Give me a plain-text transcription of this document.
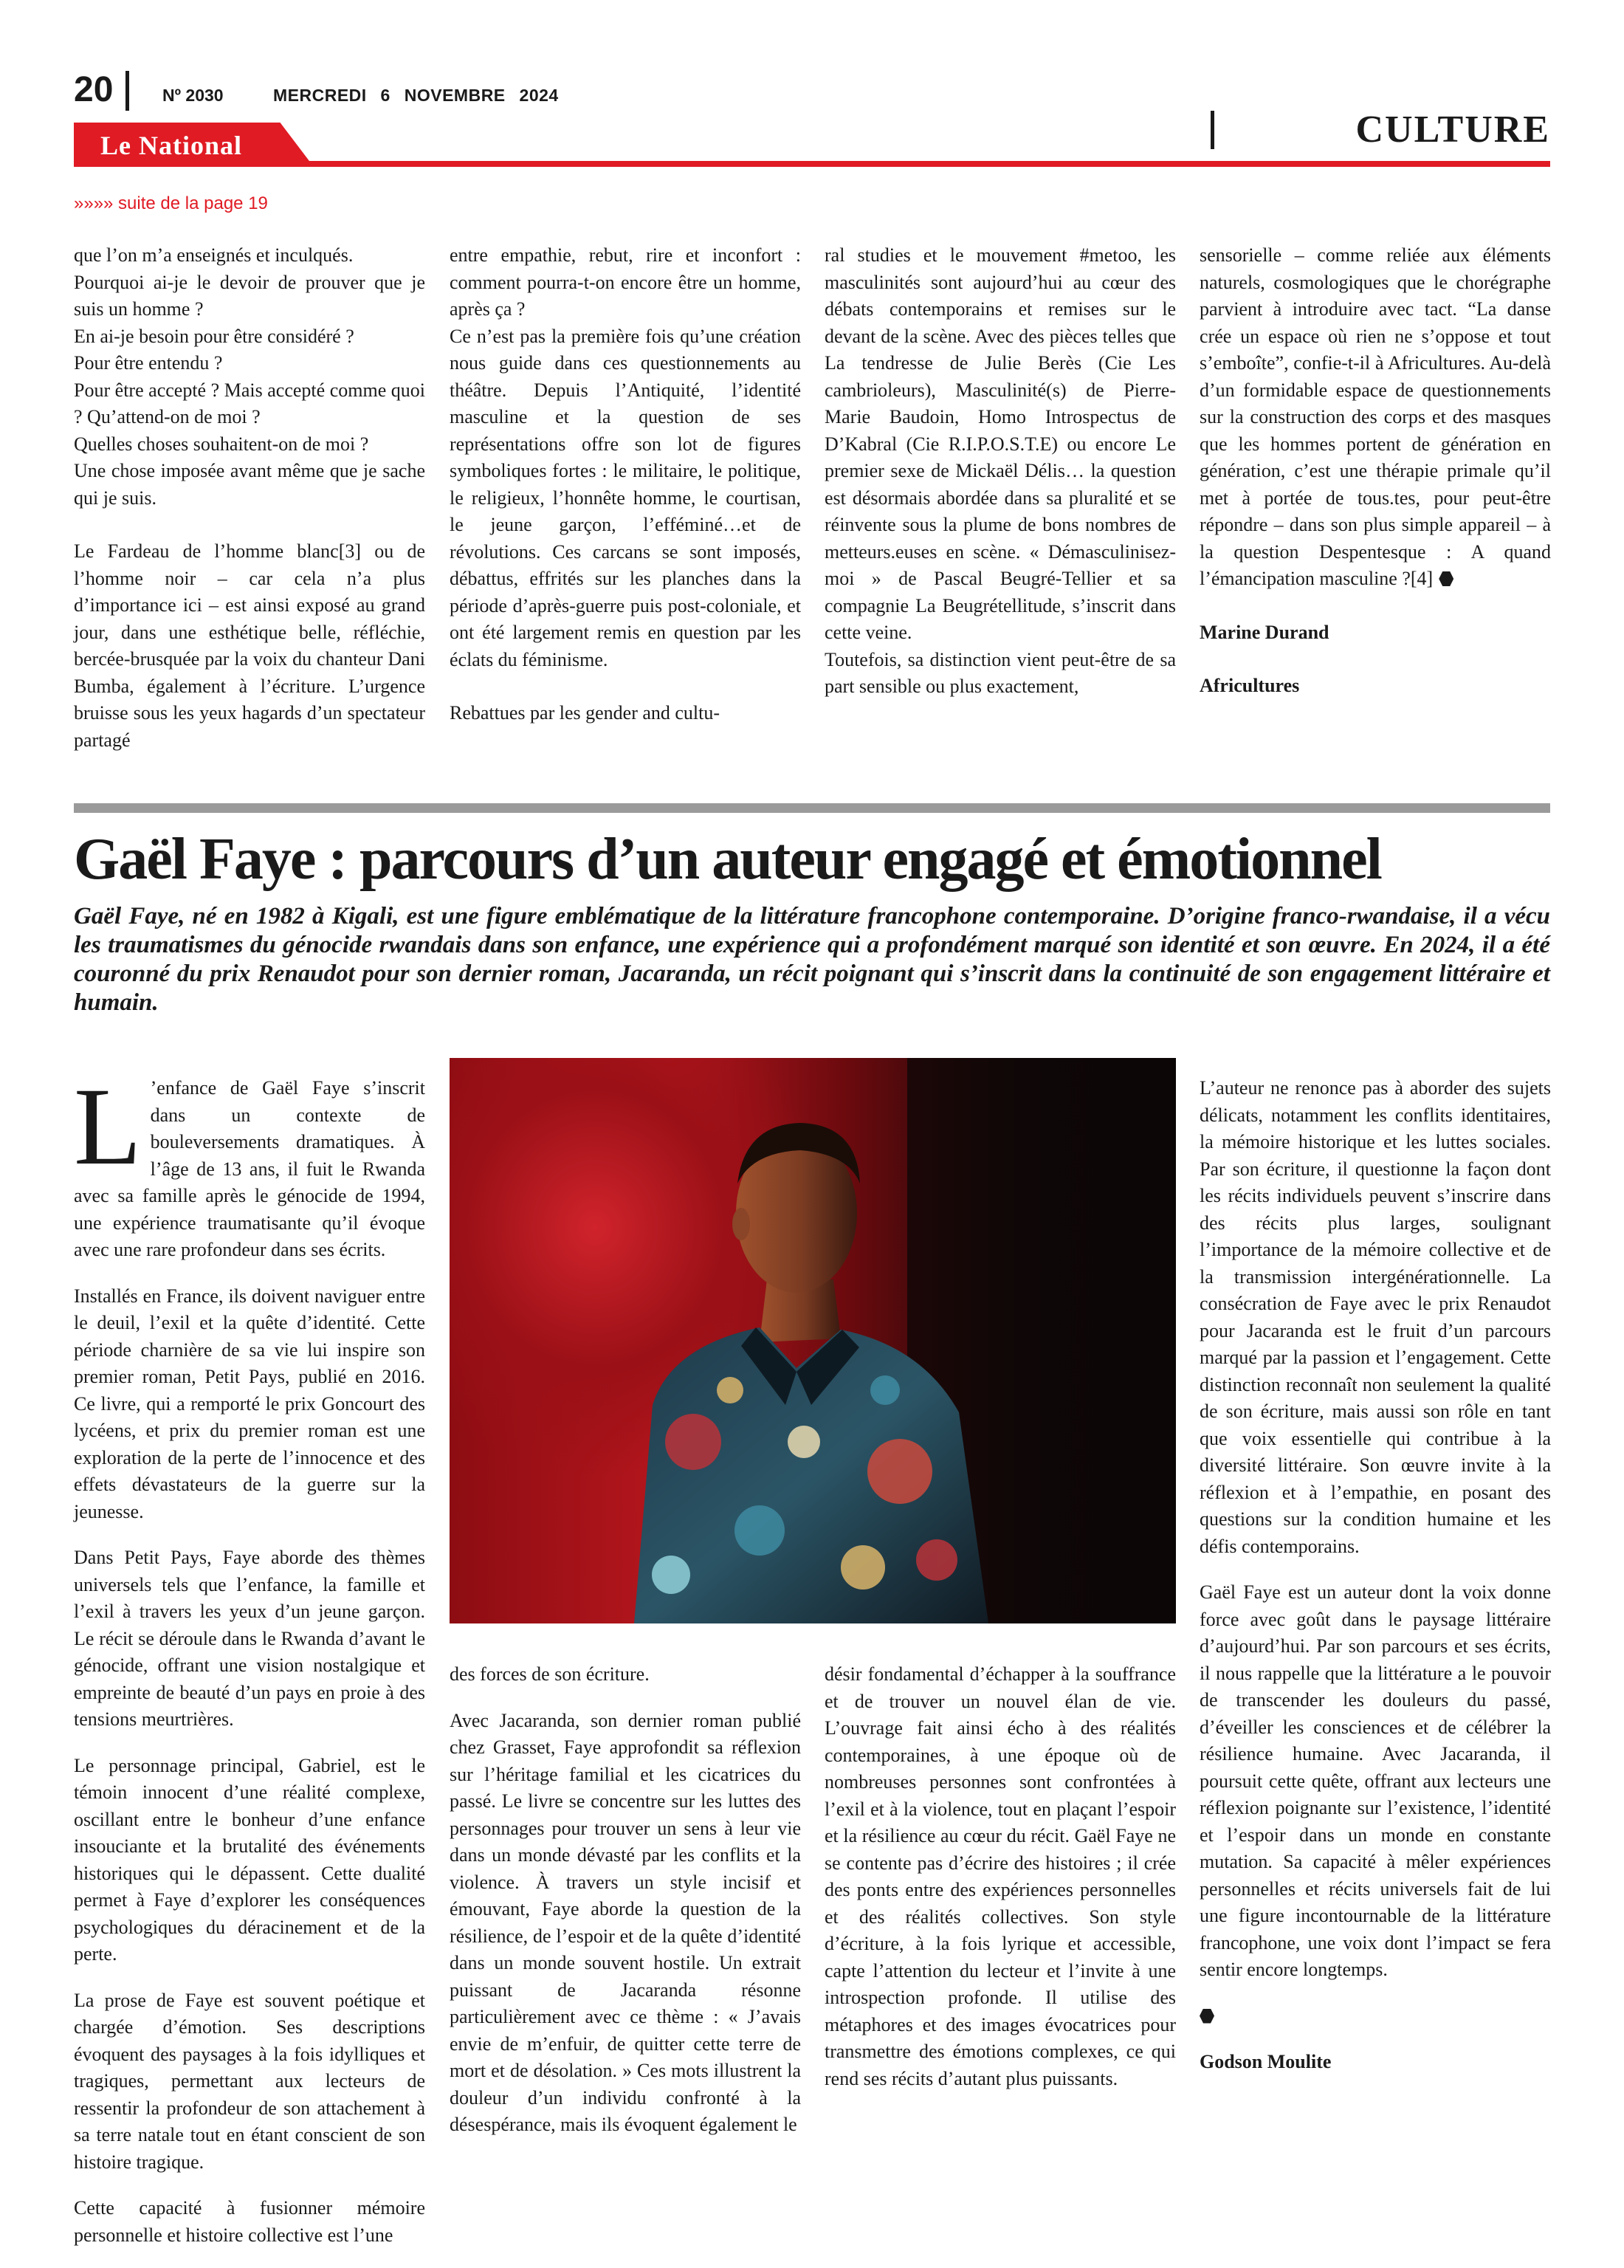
20	Nº 2030	MERCREDI 6 NOVEMBRE 2024
Le National	CULTURE
»»»» suite de la page 19

que l’on m’a enseignés et inculqués.

Pourquoi ai-je le devoir de prouver que je suis un homme ?

En ai-je besoin pour être considéré ?

Pour être entendu ?

Pour être accepté ? Mais accepté comme quoi ? Qu’attend-on de moi ?

Quelles choses souhaitent-on de moi ?

Une chose imposée avant même que je sache qui je suis.

Le Fardeau de l’homme blanc[3] ou de l’homme noir – car cela n’a plus d’importance ici – est ainsi exposé au grand jour, dans une esthétique belle, réfléchie, bercée-brusquée par la voix du chanteur Dani Bumba, également à l’écriture. L’urgence bruisse sous les yeux hagards d’un spectateur partagé

entre empathie, rebut, rire et inconfort : comment pourra-t-on encore être un homme, après ça ?

Ce n’est pas la première fois qu’une création nous guide dans ces questionnements au théâtre. Depuis l’Antiquité, l’identité masculine et la question de ses représentations offre son lot de figures symboliques fortes : le militaire, le politique, le religieux, l’honnête homme, le courtisan, le jeune garçon, l’efféminé…et de révolutions. Ces carcans se sont imposés, débattus, effrités sur les planches dans la période d’après-guerre puis post-coloniale, et ont été largement remis en question par les éclats du féminisme.

Rebattues par les gender and cultu-

ral studies et le mouvement #metoo, les masculinités sont aujourd’hui au cœur des débats contemporains et remises sur le devant de la scène. Avec des pièces telles que La tendresse de Julie Berès (Cie Les cambrioleurs), Masculinité(s) de Pierre-Marie Baudoin, Homo Introspectus de D’Kabral (Cie R.I.P.O.S.T.E) ou encore Le premier sexe de Mickaël Délis… la question est désormais abordée dans sa pluralité et se réinvente sous la plume de bons nombres de metteurs.euses en scène. « Démasculinisez-moi » de Pascal Beugré-Tellier et sa compagnie La Beugrétellitude, s’inscrit dans cette veine.

Toutefois, sa distinction vient peut-être de sa part sensible ou plus exactement,

sensorielle – comme reliée aux éléments naturels, cosmologiques que le chorégraphe parvient à introduire avec tact. “La danse crée un espace où rien ne s’oppose et tout s’emboîte”, confie-t-il à Africultures. Au-delà d’un formidable espace de questionnements sur la construction des corps et des masques que les hommes portent de génération en génération, c’est une thérapie primale qu’il met à portée de tous.tes, pour peut-être répondre – dans son plus simple appareil – à la question Despentesque : A quand l’émancipation masculine ?[4]

Marine Durand

Africultures

Gaël Faye : parcours d’un auteur engagé et émotionnel
Gaël Faye, né en 1982 à Kigali, est une figure emblématique de la littérature francophone contemporaine. D’origine franco-rwandaise, il a vécu les traumatismes du génocide rwandais dans son enfance, une expérience qui a profondément marqué son identité et son œuvre. En 2024, il a été couronné du prix Renaudot pour son dernier roman, Jacaranda, un récit poignant qui s’inscrit dans la continuité de son engagement littéraire et humain.

L ’enfance de Gaël Faye s’inscrit dans un contexte de bouleversements dramatiques. À l’âge de 13 ans, il fuit le Rwanda avec sa famille après le génocide de 1994, une expérience traumatisante qu’il évoque avec une rare profondeur dans ses écrits.

Installés en France, ils doivent naviguer entre le deuil, l’exil et la quête d’identité. Cette période charnière de sa vie lui inspire son premier roman, Petit Pays, publié en 2016. Ce livre, qui a remporté le prix Goncourt des lycéens, et prix du premier roman est une exploration de la perte de l’innocence et des effets dévastateurs de la guerre sur la jeunesse.

Dans Petit Pays, Faye aborde des thèmes universels tels que l’enfance, la famille et l’exil à travers les yeux d’un jeune garçon. Le récit se déroule dans le Rwanda d’avant le génocide, offrant une vision nostalgique et empreinte de beauté d’un pays en proie à des tensions meurtrières.

Le personnage principal, Gabriel, est le témoin innocent d’une réalité complexe, oscillant entre le bonheur d’une enfance insouciante et la brutalité des événements historiques qui le dépassent. Cette dualité permet à Faye d’explorer les conséquences psychologiques du déracinement et de la perte.

La prose de Faye est souvent poétique et chargée d’émotion. Ses descriptions évoquent des paysages à la fois idylliques et tragiques, permettant aux lecteurs de ressentir la profondeur de son attachement à sa terre natale tout en étant conscient de son histoire tragique.

Cette capacité à fusionner mémoire personnelle et histoire collective est l’une

des forces de son écriture.

Avec Jacaranda, son dernier roman publié chez Grasset, Faye approfondit sa réflexion sur l’héritage familial et les cicatrices du passé. Le livre se concentre sur les luttes des personnages pour trouver un sens à leur vie dans un monde dévasté par les conflits et la violence. À travers un style incisif et émouvant, Faye aborde la question de la résilience, de l’espoir et de la quête d’identité dans un monde souvent hostile. Un extrait puissant de Jacaranda résonne particulièrement avec ce thème : « J’avais envie de m’enfuir, de quitter cette terre de mort et de désolation. » Ces mots illustrent la douleur d’un individu confronté à la désespérance, mais ils évoquent également le

désir fondamental d’échapper à la souffrance et de trouver un nouvel élan de vie. L’ouvrage fait ainsi écho à des réalités contemporaines, à une époque où de nombreuses personnes sont confrontées à l’exil et à la violence, tout en plaçant l’espoir et la résilience au cœur du récit. Gaël Faye ne se contente pas d’écrire des histoires ; il crée des ponts entre des expériences personnelles et des réalités collectives. Son style d’écriture, à la fois lyrique et accessible, capte l’attention du lecteur et l’invite à une introspection profonde. Il utilise des métaphores et des images évocatrices pour transmettre des émotions complexes, ce qui rend ses récits d’autant plus puissants.

L’auteur ne renonce pas à aborder des sujets délicats, notamment les conflits identitaires, la mémoire historique et les luttes sociales. Par son écriture, il questionne la façon dont les récits individuels peuvent s’inscrire dans des récits plus larges, soulignant l’importance de la mémoire collective et de la transmission intergénérationnelle. La consécration de Faye avec le prix Renaudot pour Jacaranda est le fruit d’un parcours marqué par la passion et l’engagement. Cette distinction reconnaît non seulement la qualité de son écriture, mais aussi son rôle en tant que voix essentielle qui contribue à la diversité littéraire. Son œuvre invite à la réflexion et à l’empathie, en posant des questions sur la condition humaine et les défis contemporains.

Gaël Faye est un auteur dont la voix donne force avec goût dans le paysage littéraire d’aujourd’hui. Par son parcours et ses écrits, il nous rappelle que la littérature a le pouvoir de transcender les douleurs du passé, d’éveiller les consciences et de célébrer la résilience humaine. Avec Jacaranda, il poursuit cette quête, offrant aux lecteurs une réflexion poignante sur l’existence, l’identité et l’espoir dans un monde en constante mutation. Sa capacité à mêler expériences personnelles et récits universels fait de lui une figure incontournable de la littérature francophone, une voix dont l’impact se fera sentir encore longtemps.

Godson Moulite
